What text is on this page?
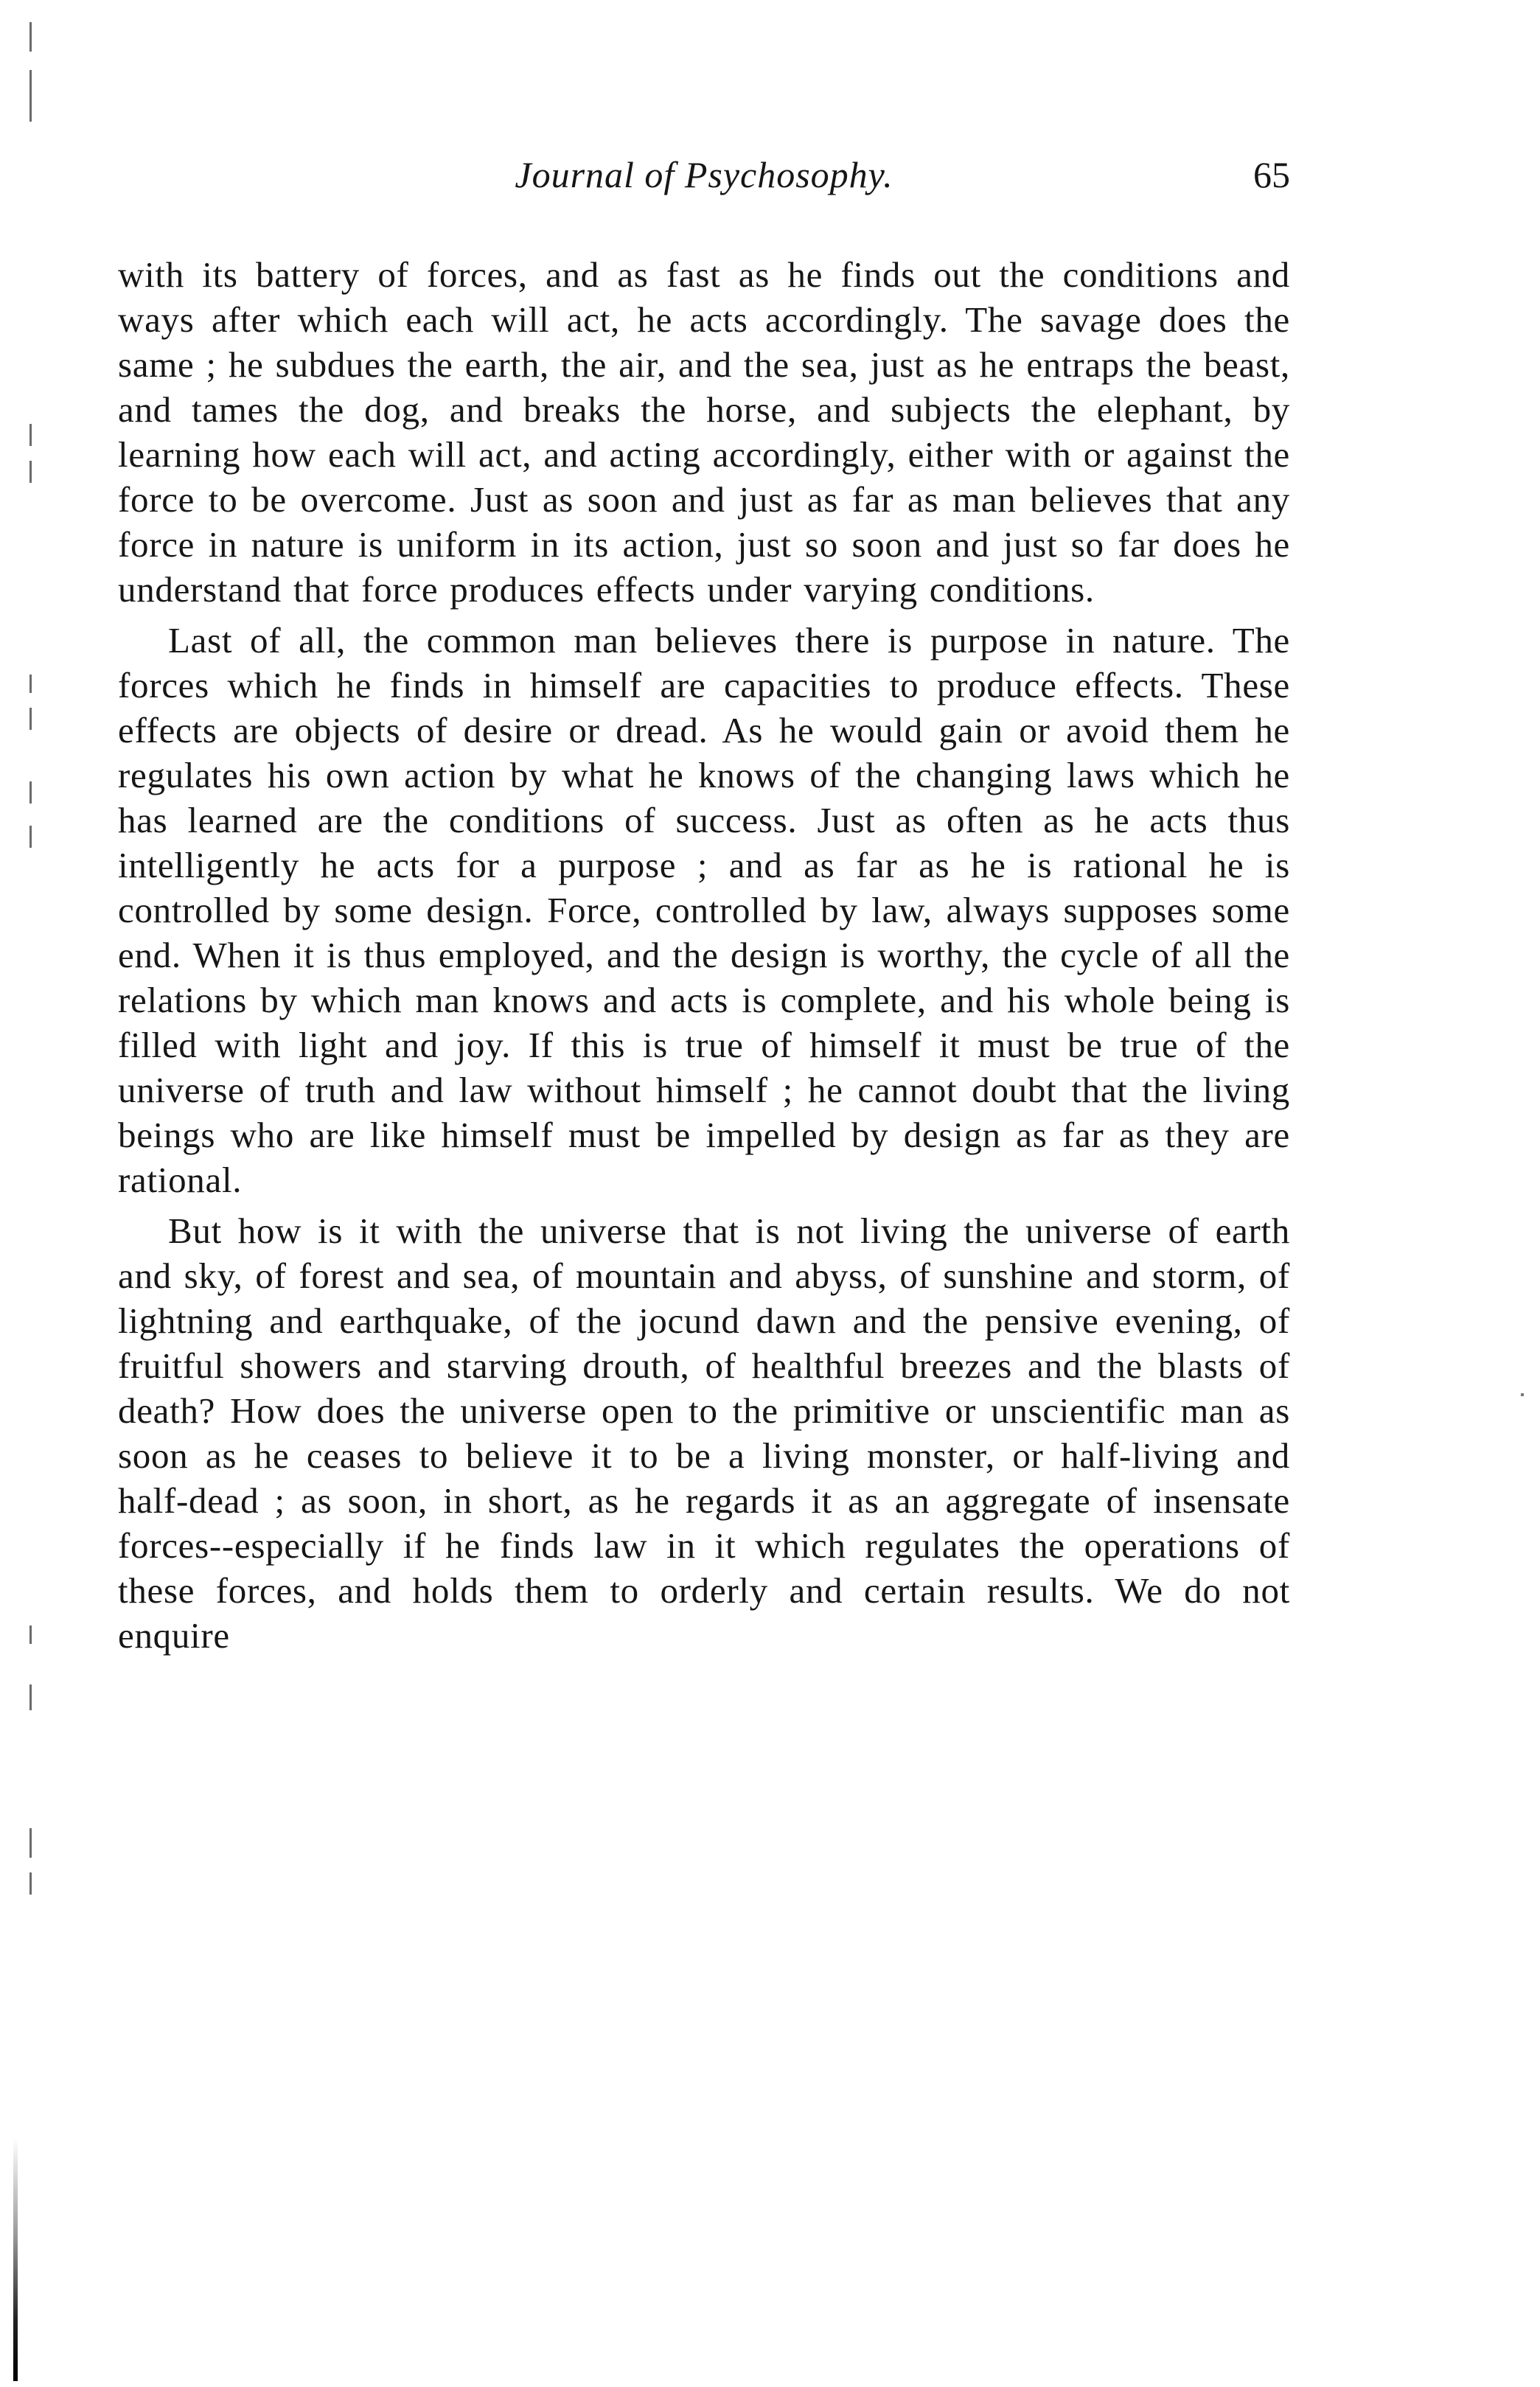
Journal of Psychosophy.	65

with its battery of forces, and as fast as he finds out the conditions and ways after which each will act, he acts accordingly. The savage does the same ; he subdues the earth, the air, and the sea, just as he entraps the beast, and tames the dog, and breaks the horse, and subjects the elephant, by learning how each will act, and acting accordingly, either with or against the force to be overcome. Just as soon and just as far as man believes that any force in nature is uniform in its action, just so soon and just so far does he understand that force produces effects under varying conditions.

Last of all, the common man believes there is purpose in nature. The forces which he finds in himself are capacities to produce effects. These effects are objects of desire or dread. As he would gain or avoid them he regulates his own action by what he knows of the changing laws which he has learned are the conditions of success. Just as often as he acts thus intelligently he acts for a purpose ; and as far as he is rational he is controlled by some design. Force, controlled by law, always supposes some end. When it is thus employed, and the design is worthy, the cycle of all the relations by which man knows and acts is complete, and his whole being is filled with light and joy. If this is true of himself it must be true of the universe of truth and law without himself ; he cannot doubt that the living beings who are like himself must be impelled by design as far as they are rational.

But how is it with the universe that is not living the universe of earth and sky, of forest and sea, of mountain and abyss, of sunshine and storm, of lightning and earthquake, of the jocund dawn and the pensive evening, of fruitful showers and starving drouth, of healthful breezes and the blasts of death? How does the universe open to the primitive or unscientific man as soon as he ceases to believe it to be a living monster, or half-living and half-dead ; as soon, in short, as he regards it as an aggregate of insensate forces--especially if he finds law in it which regulates the operations of these forces, and holds them to orderly and certain results. We do not enquire
